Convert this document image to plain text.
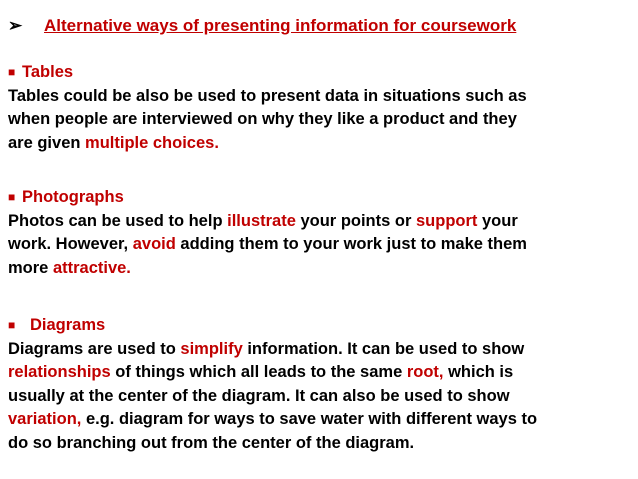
➢ Alternative ways of presenting information for coursework
■ Tables
Tables could be also be used to present data in situations such as
when people are interviewed on why they like a product and they
are given multiple choices.
■ Photographs
Photos can be used to help illustrate your points or support your
work. However, avoid adding them to your work just to make them
more attractive.
■ Diagrams
Diagrams are used to simplify information. It can be used to show
relationships of things which all leads to the same root, which is
usually at the center of the diagram. It can also be used to show
variation, e.g. diagram for ways to save water with different ways to
do so branching out from the center of the diagram.
